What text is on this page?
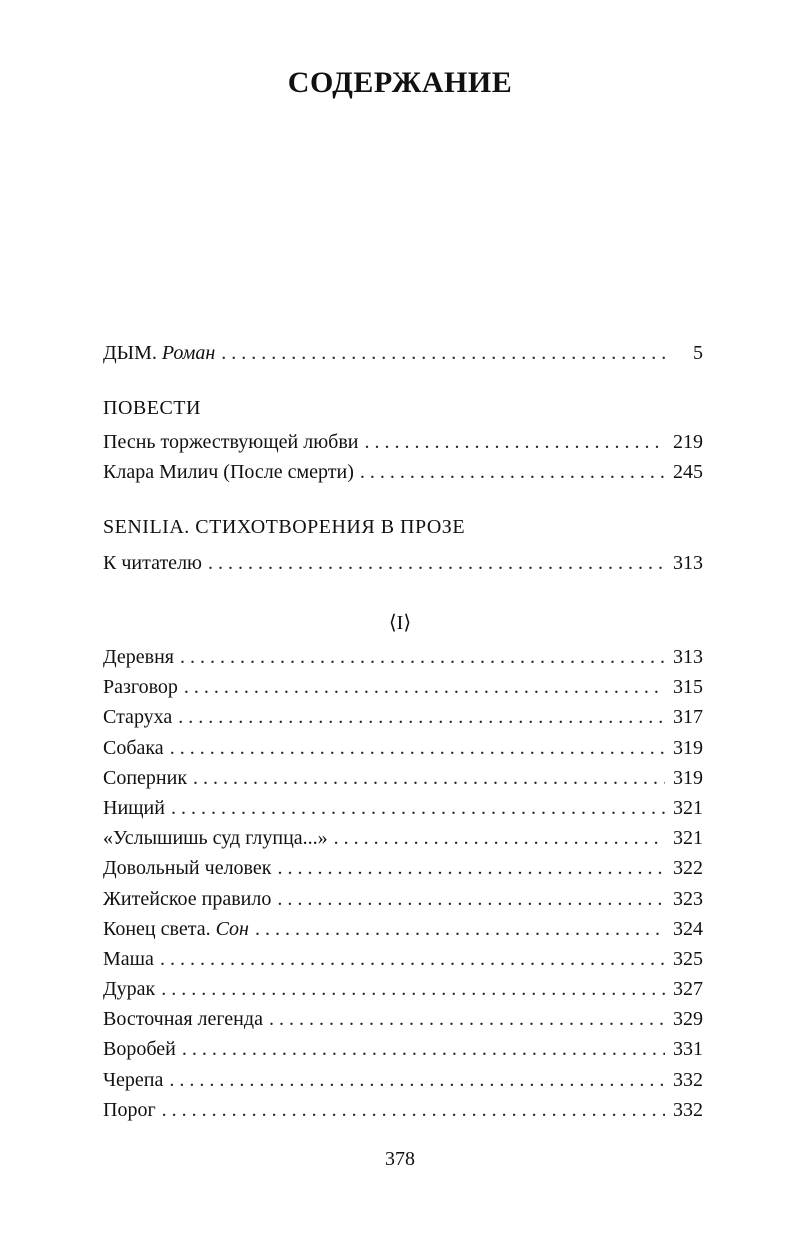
СОДЕРЖАНИЕ
ДЫМ. Роман . . .	5
ПОВЕСТИ
Песнь торжествующей любви . . .	219
Клара Милич (После смерти) . . .	245
SENILIA. СТИХОТВОРЕНИЯ В ПРОЗЕ
К читателю . . .	313
⟨I⟩
Деревня . . .	313
Разговор . . .	315
Старуха . . .	317
Собака . . .	319
Соперник . . .	319
Нищий . . .	321
«Услышишь суд глупца...» . . .	321
Довольный человек . . .	322
Житейское правило . . .	323
Конец света. Сон . . .	324
Маша . . .	325
Дурак . . .	327
Восточная легенда . . .	329
Воробей . . .	331
Черепа . . .	332
Порог . . .	332
378
